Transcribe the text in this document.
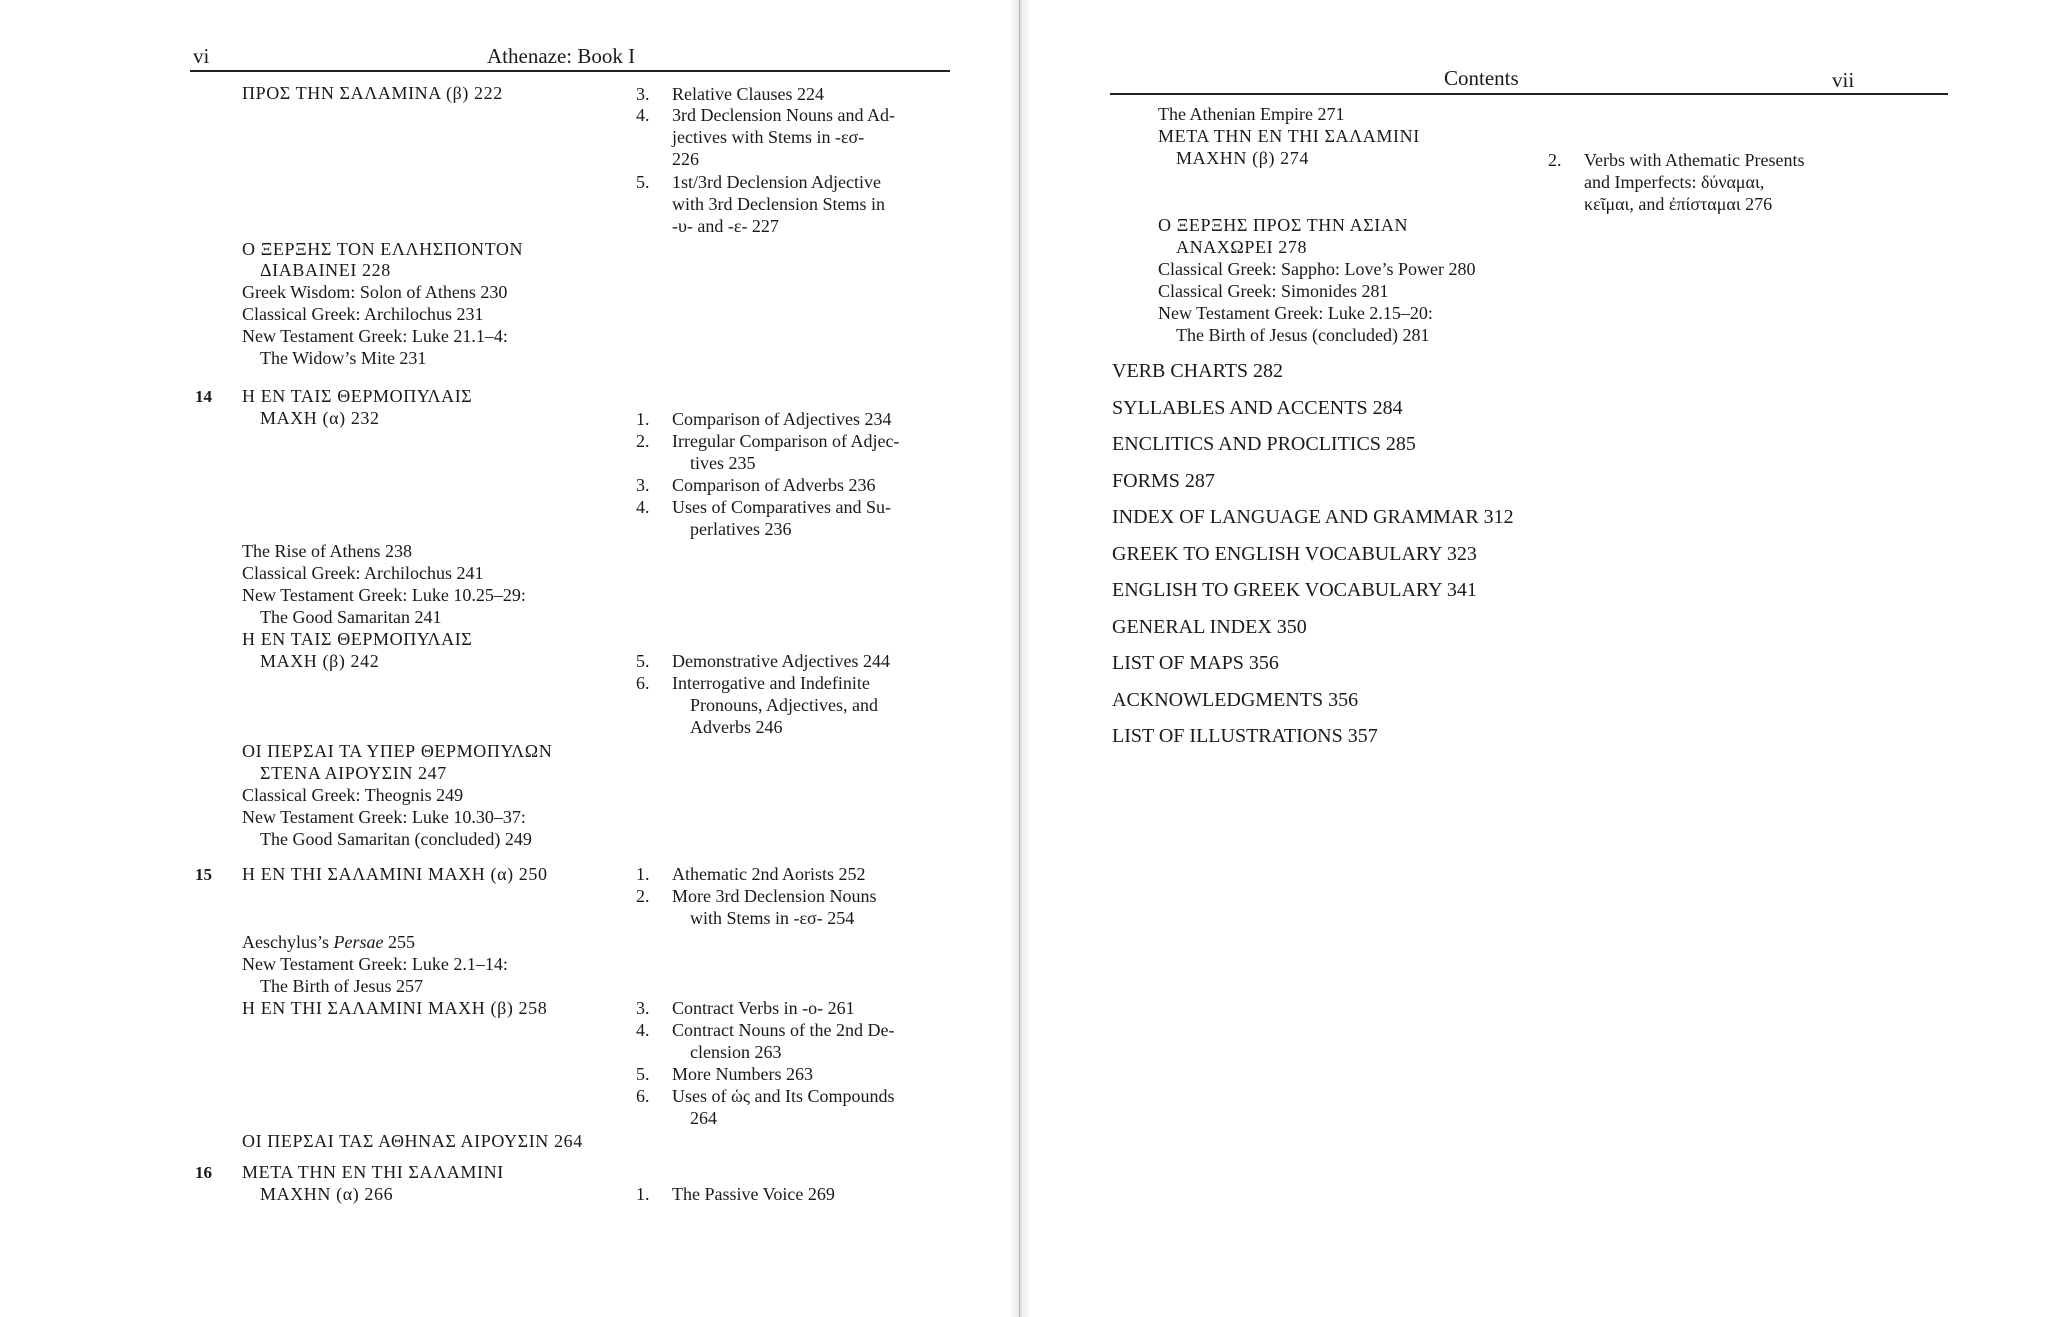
vi	Athenaze: Book I
14
15
16
ΠΡΟΣ ΤΗΝ ΣΑΛΑΜΙΝΑ (β) 222
Ο ΞΕΡΞΗΣ ΤΟΝ ΕΛΛΗΣΠΟΝΤΟΝ
ΔΙΑΒΑΙΝΕΙ 228
Greek Wisdom: Solon of Athens 230
Classical Greek: Archilochus 231
New Testament Greek: Luke 21.1–4:
The Widow’s Mite 231
Η ΕΝ ΤΑΙΣ ΘΕΡΜΟΠΥΛΑΙΣ
ΜΑΧΗ (α) 232
The Rise of Athens 238
Classical Greek: Archilochus 241
New Testament Greek: Luke 10.25–29:
The Good Samaritan 241
Η ΕΝ ΤΑΙΣ ΘΕΡΜΟΠΥΛΑΙΣ
ΜΑΧΗ (β) 242
ΟΙ ΠΕΡΣΑΙ ΤΑ ΥΠΕΡ ΘΕΡΜΟΠΥΛΩΝ
ΣΤΕΝΑ ΑΙΡΟΥΣΙΝ 247
Classical Greek: Theognis 249
New Testament Greek: Luke 10.30–37:
The Good Samaritan (concluded) 249
Η ΕΝ ΤΗΙ ΣΑΛΑΜΙΝΙ ΜΑΧΗ (α) 250
Aeschylus’s Persae 255
New Testament Greek: Luke 2.1–14:
The Birth of Jesus 257
Η ΕΝ ΤΗΙ ΣΑΛΑΜΙΝΙ ΜΑΧΗ (β) 258
ΟΙ ΠΕΡΣΑΙ ΤΑΣ ΑΘΗΝΑΣ ΑΙΡΟΥΣΙΝ 264
ΜΕΤΑ ΤΗΝ ΕΝ ΤΗΙ ΣΑΛΑΜΙΝΙ
ΜΑΧΗΝ (α) 266
3. Relative Clauses 224
4. 3rd Declension Nouns and Ad-
jectives with Stems in -εσ-
226
5. 1st/3rd Declension Adjective
with 3rd Declension Stems in
-υ- and -ε- 227
1. Comparison of Adjectives 234
2. Irregular Comparison of Adjec-
tives 235
3. Comparison of Adverbs 236
4. Uses of Comparatives and Su-
perlatives 236
5. Demonstrative Adjectives 244
6. Interrogative and Indefinite
Pronouns, Adjectives, and
Adverbs 246
1. Athematic 2nd Aorists 252
2. More 3rd Declension Nouns
with Stems in -εσ- 254
3. Contract Verbs in -ο- 261
4. Contract Nouns of the 2nd De-
clension 263
5. More Numbers 263
6. Uses of ὡς and Its Compounds
264
1. The Passive Voice 269
Contents	vii
The Athenian Empire 271
ΜΕΤΑ ΤΗΝ ΕΝ ΤΗΙ ΣΑΛΑΜΙΝΙ
ΜΑΧΗΝ (β) 274
Ο ΞΕΡΞΗΣ ΠΡΟΣ ΤΗΝ ΑΣΙΑΝ
ΑΝΑΧΩΡΕΙ 278
Classical Greek: Sappho: Love’s Power 280
Classical Greek: Simonides 281
New Testament Greek: Luke 2.15–20:
The Birth of Jesus (concluded) 281
2. Verbs with Athematic Presents
and Imperfects: δύναμαι,
κεῖμαι, and ἐπίσταμαι 276
VERB CHARTS 282
SYLLABLES AND ACCENTS 284
ENCLITICS AND PROCLITICS 285
FORMS 287
INDEX OF LANGUAGE AND GRAMMAR 312
GREEK TO ENGLISH VOCABULARY 323
ENGLISH TO GREEK VOCABULARY 341
GENERAL INDEX 350
LIST OF MAPS 356
ACKNOWLEDGMENTS 356
LIST OF ILLUSTRATIONS 357
